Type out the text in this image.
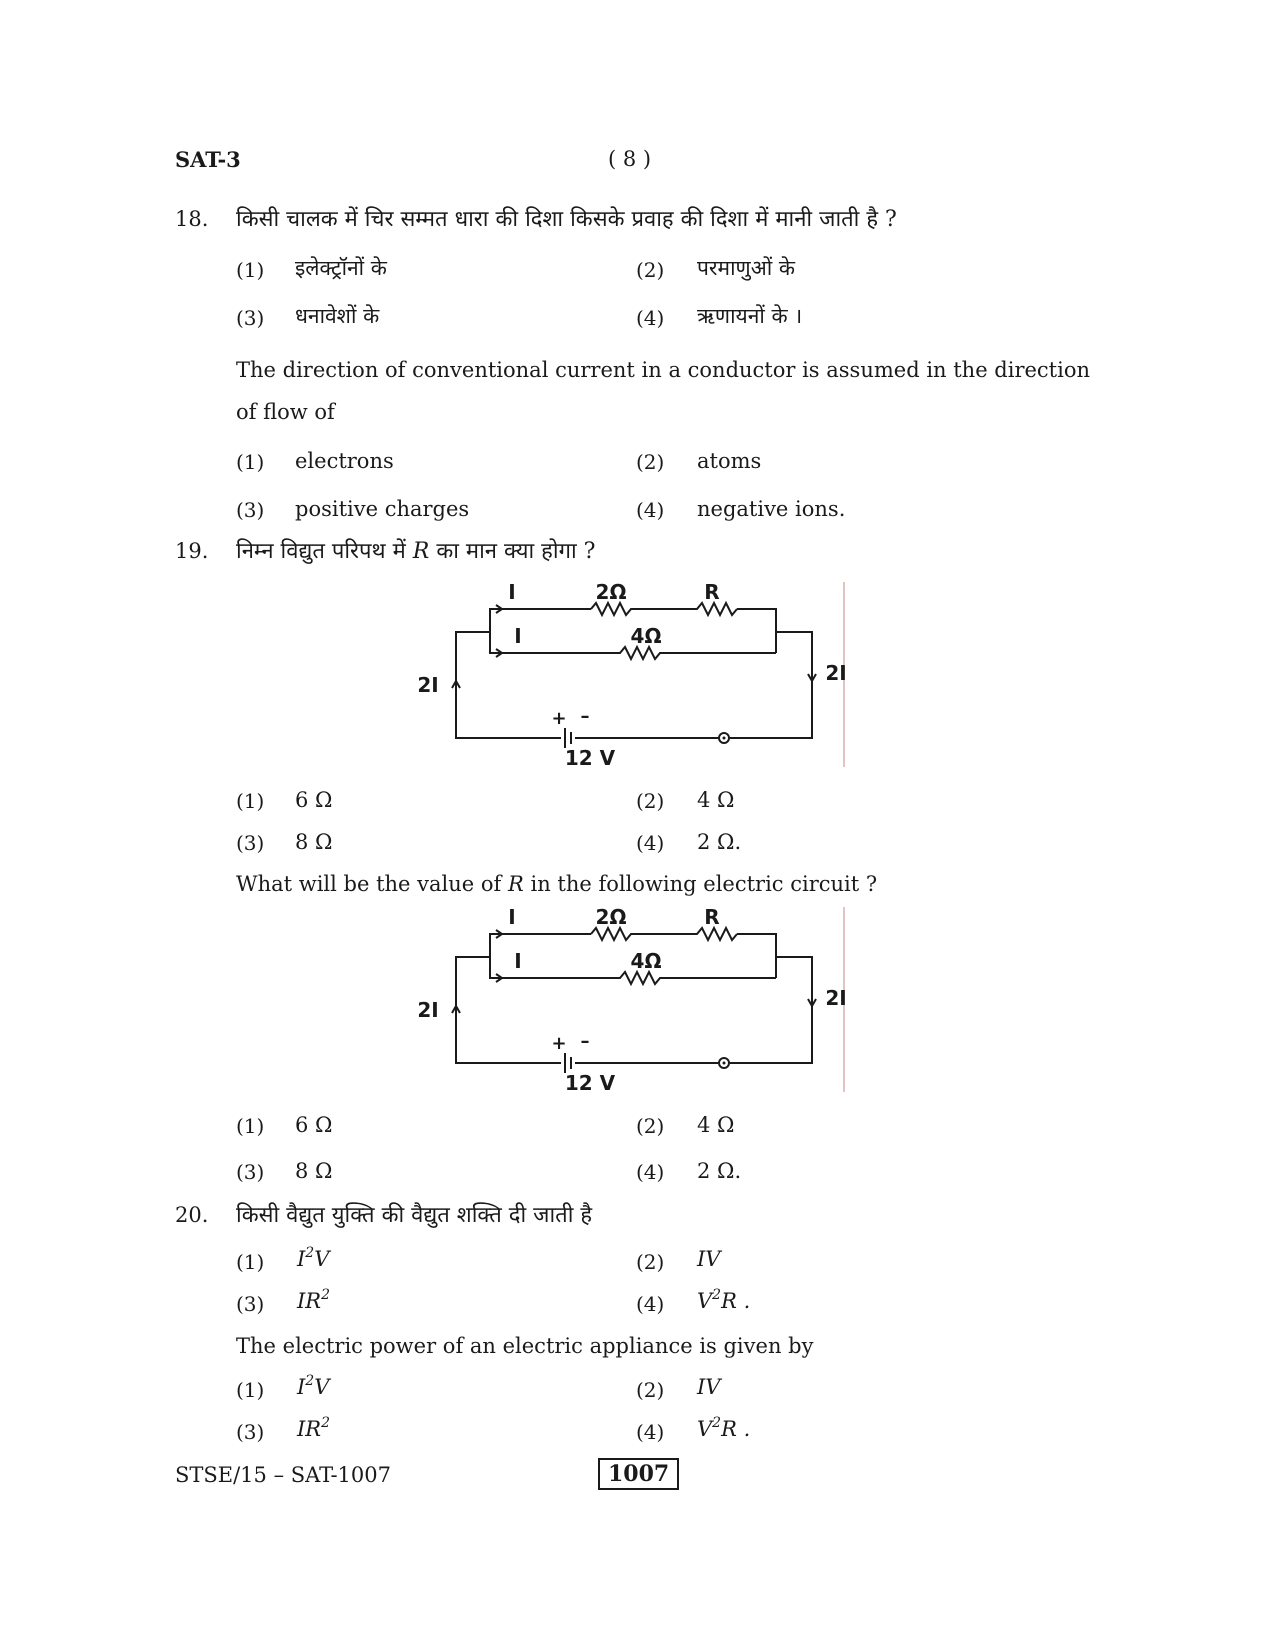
SAT-3	( 8 )
18. किसी चालक में चिर सम्मत धारा की दिशा किसके प्रवाह की दिशा में मानी जाती है ?
(1) इलेक्ट्रॉनों के	(2) परमाणुओं के
(3) धनावेशों के	(4) ऋणायनों के ।
The direction of conventional current in a conductor is assumed in the direction
of flow of
(1) electrons	(2) atoms
(3) positive charges	(4) negative ions.
19. निम्न विद्युत परिपथ में R का मान क्या होगा ?
I	2Ω	R
I	4Ω
2I	2I
+ –
12 V
(1) 6 Ω	(2) 4 Ω
(3) 8 Ω	(4) 2 Ω.
What will be the value of R in the following electric circuit ?
I	2Ω	R
I	4Ω
2I	2I
+ –
12 V
(1) 6 Ω	(2) 4 Ω
(3) 8 Ω	(4) 2 Ω.
20. किसी वैद्युत युक्ति की वैद्युत शक्ति दी जाती है
(1) $I^2V$	(2) IV
(3) $IR^2$	(4) $V^2R$ .
The electric power of an electric appliance is given by
(1) $I^2V$	(2) IV
(3) $IR^2$	(4) $V^2R$ .
STSE/15 – SAT-1007	1007
